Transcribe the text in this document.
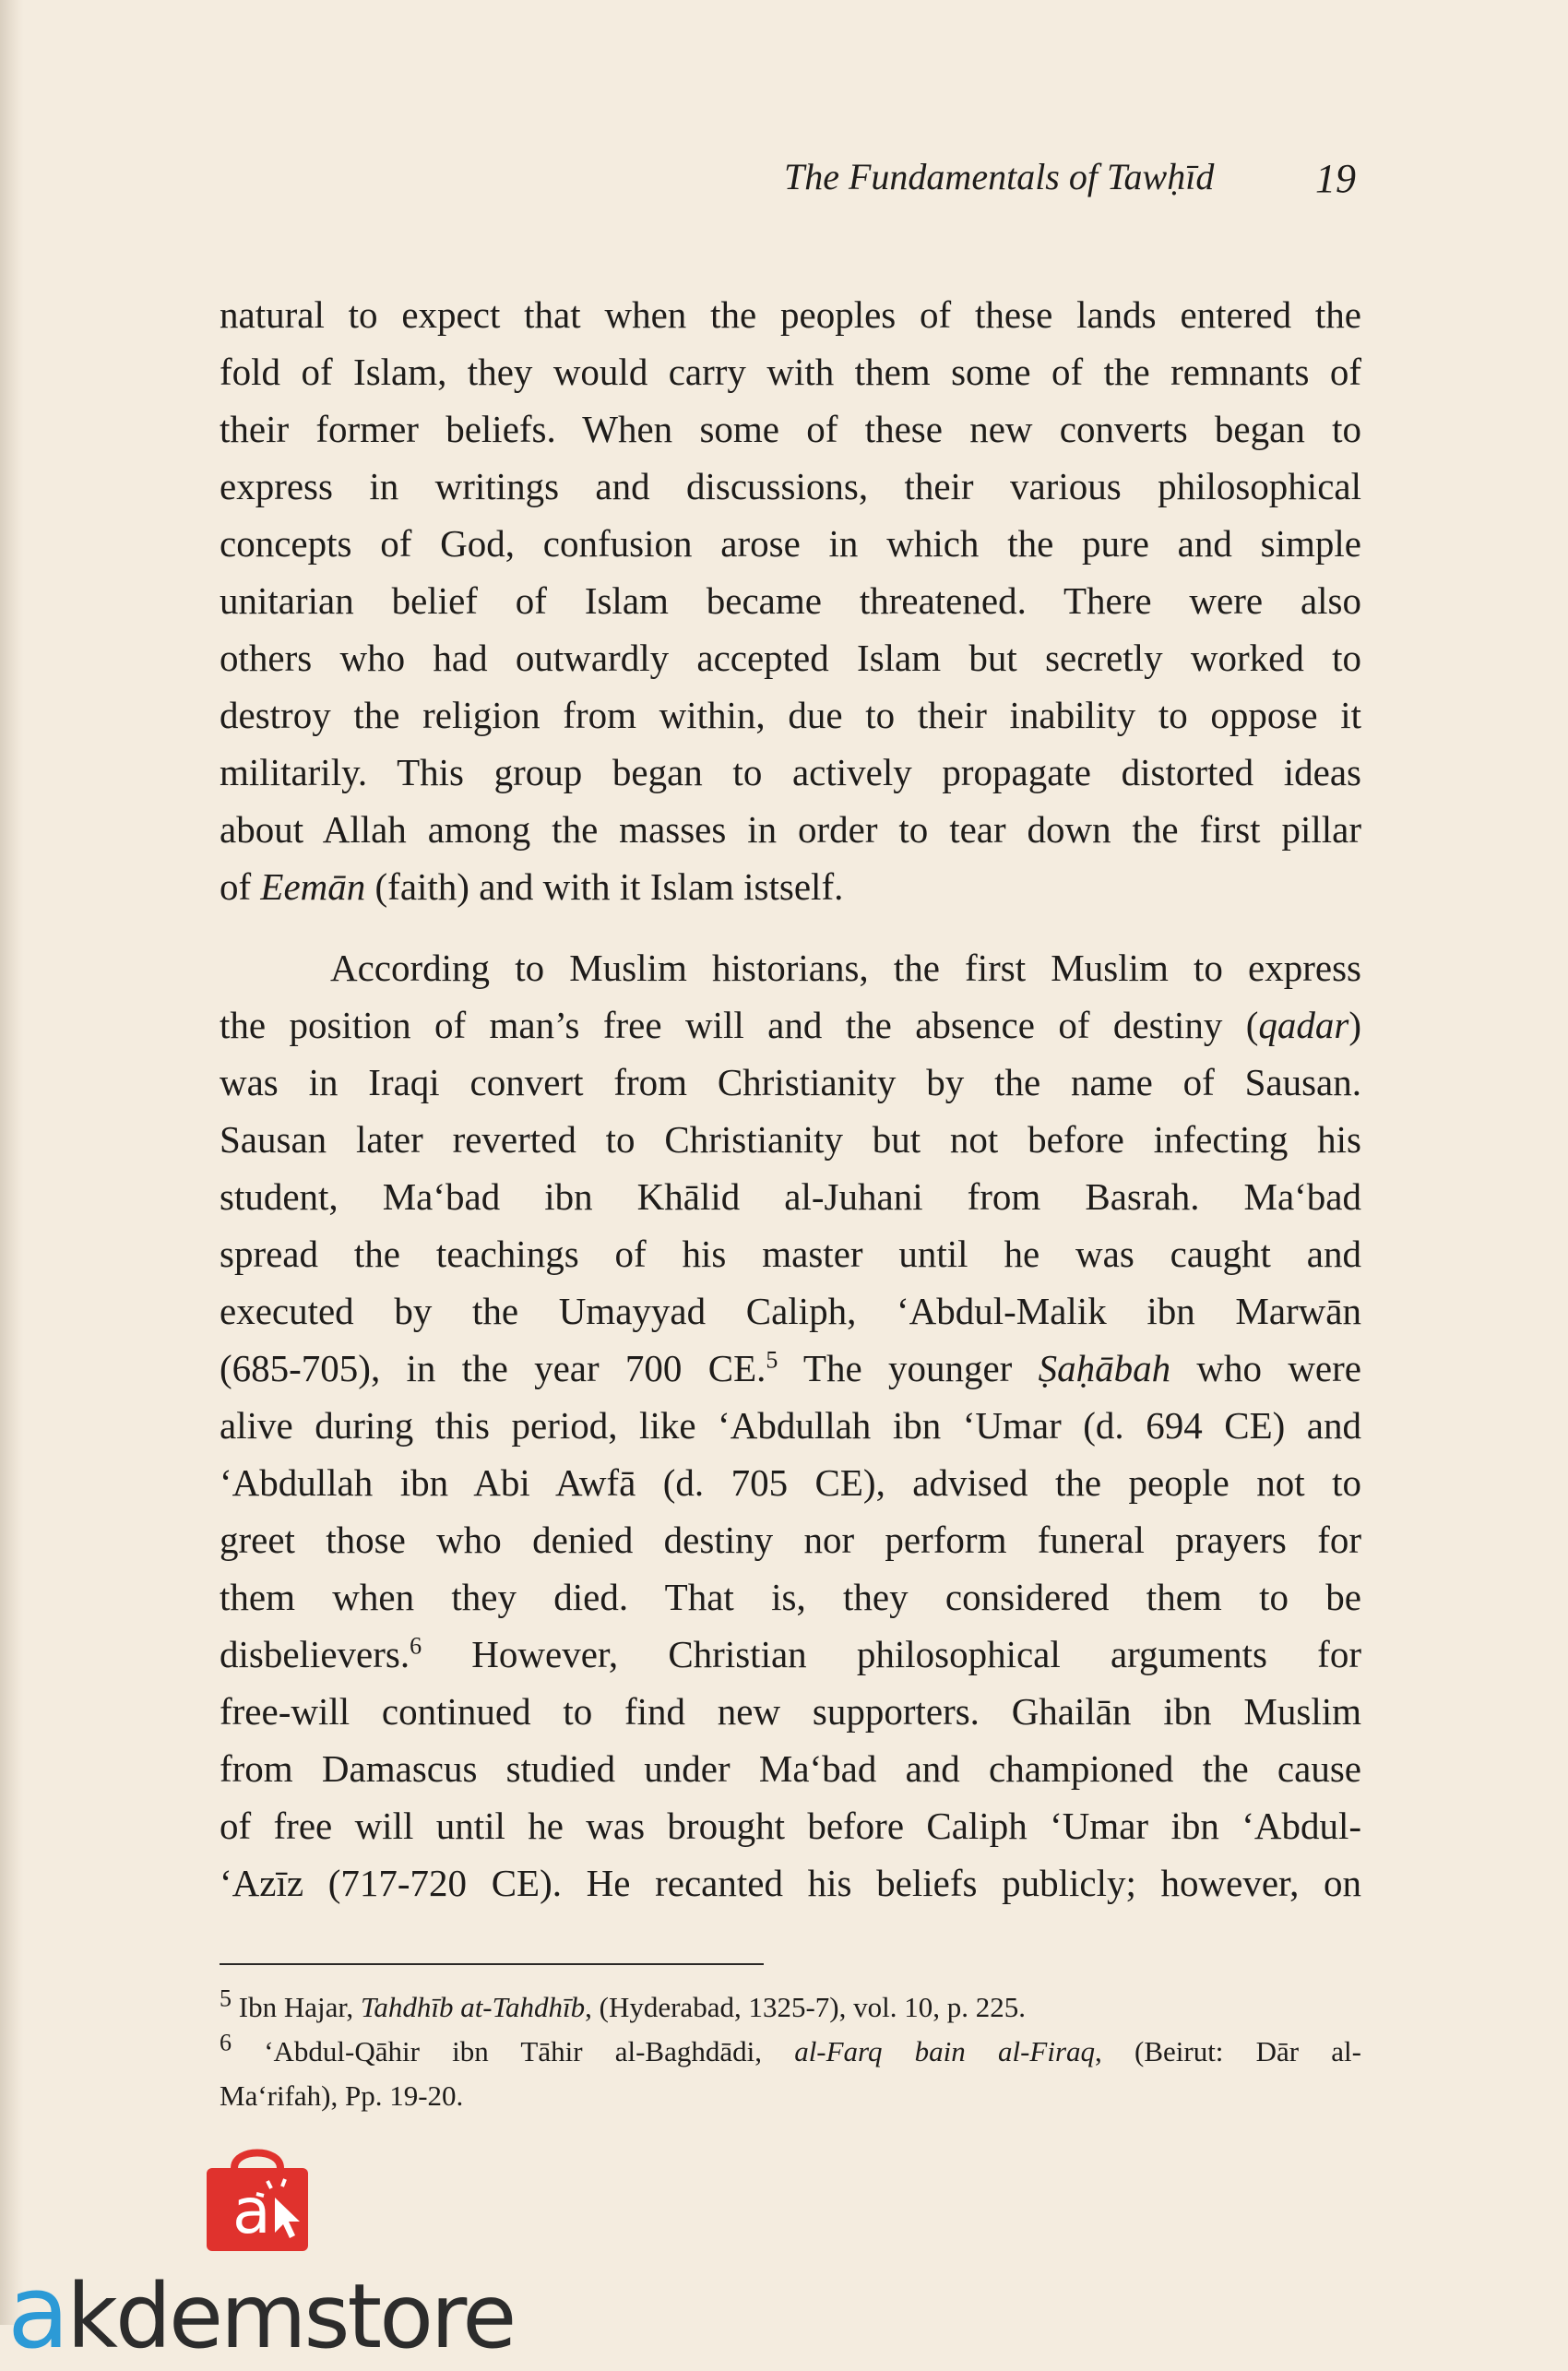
The Fundamentals of Tawḥīd 19
natural to expect that when the peoples of these lands entered the
fold of Islam, they would carry with them some of the remnants of
their former beliefs. When some of these new converts began to
express in writings and discussions, their various philosophical
concepts of God, confusion arose in which the pure and simple
unitarian belief of Islam became threatened. There were also
others who had outwardly accepted Islam but secretly worked to
destroy the religion from within, due to their inability to oppose it
militarily. This group began to actively propagate distorted ideas
about Allah among the masses in order to tear down the first pillar
of Eemān (faith) and with it Islam istself.
According to Muslim historians, the first Muslim to express
the position of man’s free will and the absence of destiny (qadar)
was in Iraqi convert from Christianity by the name of Sausan.
Sausan later reverted to Christianity but not before infecting his
student, Ma‘bad ibn Khālid al-Juhani from Basrah. Ma‘bad
spread the teachings of his master until he was caught and
executed by the Umayyad Caliph, ‘Abdul-Malik ibn Marwān
(685-705), in the year 700 CE.$^5$ The younger Ṣaḥābah who were
alive during this period, like ‘Abdullah ibn ‘Umar (d. 694 CE) and
‘Abdullah ibn Abi Awfā (d. 705 CE), advised the people not to
greet those who denied destiny nor perform funeral prayers for
them when they died. That is, they considered them to be
disbelievers.$^6$ However, Christian philosophical arguments for
free-will continued to find new supporters. Ghailān ibn Muslim
from Damascus studied under Ma‘bad and championed the cause
of free will until he was brought before Caliph ‘Umar ibn ‘Abdul-
‘Azīz (717-720 CE). He recanted his beliefs publicly; however, on
$^5$ Ibn Hajar, Tahdhīb at-Tahdhīb, (Hyderabad, 1325-7), vol. 10, p. 225.
$^6$ ‘Abdul-Qāhir ibn Tāhir al-Baghdādi, al-Farq bain al-Firaq, (Beirut: Dār al-
Ma‘rifah), Pp. 19-20.
a
akdemstore
